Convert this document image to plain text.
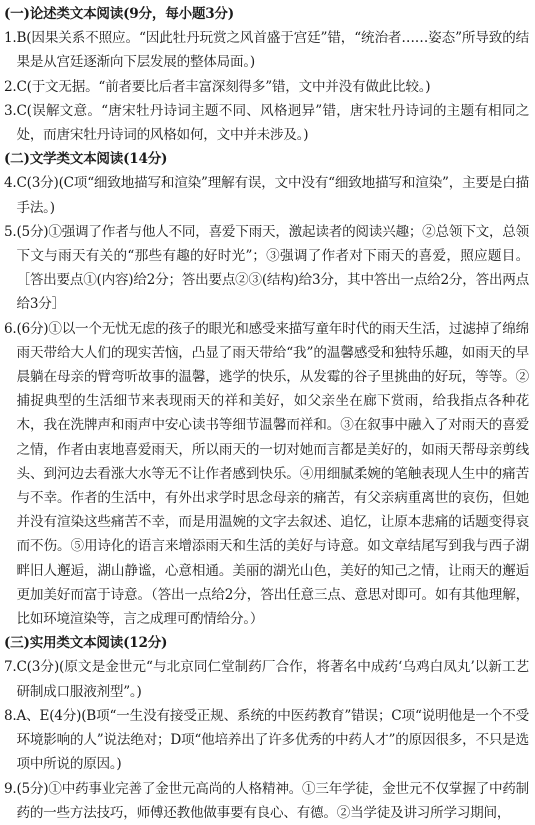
(一)论述类文本阅读(9分，每小题3分)
1. B(因果关系不照应。“因此牡丹玩赏之风首盛于宫廷”错，“统治者……姿态”所导致的结果是从宫廷逐渐向下层发展的整体局面。)
2. C(于文无据。“前者要比后者丰富深刻得多”错，文中并没有做此比较。)
3. C(误解文意。“唐宋牡丹诗词主题不同、风格迥异”错，唐宋牡丹诗词的主题有相同之处，而唐宋牡丹诗词的风格如何，文中并未涉及。)
(二)文学类文本阅读(14分)
4. C(3分)(C项“细致地描写和渲染”理解有误，文中没有“细致地描写和渲染”，主要是白描手法。)
5. (5分)①强调了作者与他人不同，喜爱下雨天，激起读者的阅读兴趣；②总领下文，总领下文与雨天有关的“那些有趣的好时光”；③强调了作者对下雨天的喜爱，照应题目。［答出要点①(内容)给2分；答出要点②③(结构)给3分，其中答出一点给2分，答出两点给3分］
6. (6分)①以一个无忧无虑的孩子的眼光和感受来描写童年时代的雨天生活，过滤掉了绵绵雨天带给大人们的现实苦恼，凸显了雨天带给“我”的温馨感受和独特乐趣，如雨天的早晨躺在母亲的臂弯听故事的温馨，逃学的快乐，从发霉的谷子里挑曲的好玩，等等。②捕捉典型的生活细节来表现雨天的祥和美好，如父亲坐在廊下赏雨，给我指点各种花木，我在洗牌声和雨声中安心读书等细节温馨而祥和。③在叙事中融入了对雨天的喜爱之情，作者由衷地喜爱雨天，所以雨天的一切对她而言都是美好的，如雨天帮母亲剪线头、到河边去看涨大水等无不让作者感到快乐。④用细腻柔婉的笔触表现人生中的痛苦与不幸。作者的生活中，有外出求学时思念母亲的痛苦，有父亲病重离世的哀伤，但她并没有渲染这些痛苦不幸，而是用温婉的文字去叙述、追忆，让原本悲痛的话题变得哀而不伤。⑤用诗化的语言来增添雨天和生活的美好与诗意。如文章结尾写到我与西子湖畔旧人邂逅，湖山静谧，心意相通。美丽的湖光山色，美好的知己之情，让雨天的邂逅更加美好而富于诗意。（答出一点给2分，答出任意三点、意思对即可。如有其他理解，比如环境渲染等，言之成理可酌情给分。）
(三)实用类文本阅读(12分)
7. C(3分)(原文是金世元“与北京同仁堂制药厂合作，将著名中成药‘乌鸡白凤丸’以新工艺研制成口服液剂型”。)
8. A、E(4分)(B项“一生没有接受正规、系统的中医药教育”错误；C项“说明他是一个不受环境影响的人”说法绝对；D项“他培养出了许多优秀的中药人才”的原因很多，不只是选项中所说的原因。)
9. (5分)①中药事业完善了金世元高尚的人格精神。①三年学徒，金世元不仅掌握了中药制药的一些方法技巧，师傅还教他做事要有良心、有德。②当学徒及讲习所学习期间，
